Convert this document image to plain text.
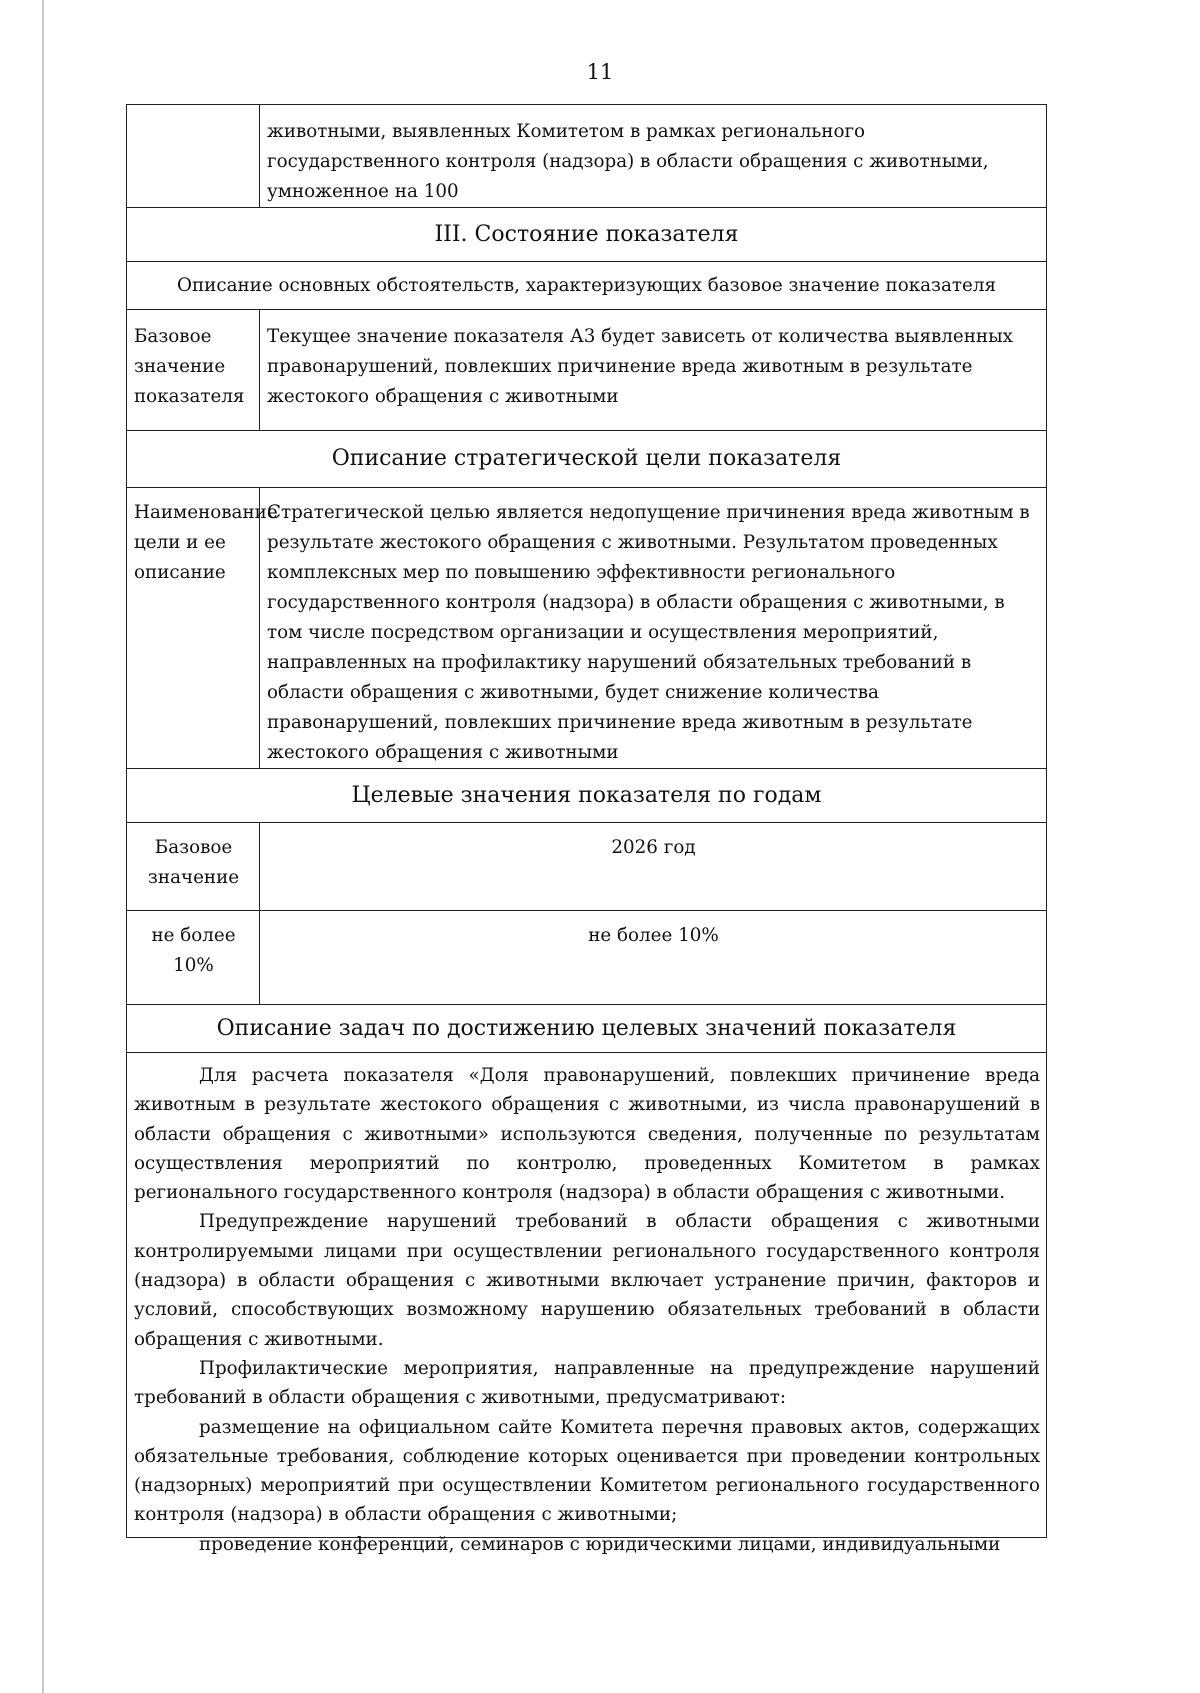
11
	животными, выявленных Комитетом в рамках регионального государственного контроля (надзора) в области обращения с животными, умноженное на 100
III. Состояние показателя	
Описание основных обстоятельств, характеризующих базовое значение показателя	
Базовое значение показателя	Текущее значение показателя А3 будет зависеть от количества выявленных правонарушений, повлекших причинение вреда животным в результате жестокого обращения с животными
Описание стратегической цели показателя	
Наименование цели и ее описание	Стратегической целью является недопущение причинения вреда животным в результате жестокого обращения с животными. Результатом проведенных комплексных мер по повышению эффективности регионального государственного контроля (надзора) в области обращения с животными, в том числе посредством организации и осуществления мероприятий, направленных на профилактику нарушений обязательных требований в области обращения с животными, будет снижение количества правонарушений, повлекших причинение вреда животным в результате жестокого обращения с животными
Целевые значения показателя по годам	
Базовое значение	2026 год
не более 10%	не более 10%
Описание задач по достижению целевых значений показателя	

Для расчета показателя «Доля правонарушений, повлекших причинение вреда животным в результате жестокого обращения с животными, из числа правонарушений в области обращения с животными» используются сведения, полученные по результатам осуществления мероприятий по контролю, проведенных Комитетом в рамках регионального государственного контроля (надзора) в области обращения с животными.

Предупреждение нарушений требований в области обращения с животными контролируемыми лицами при осуществлении регионального государственного контроля (надзора) в области обращения с животными включает устранение причин, факторов и условий, способствующих возможному нарушению обязательных требований в области обращения с животными.

Профилактические мероприятия, направленные на предупреждение нарушений требований в области обращения с животными, предусматривают:

размещение на официальном сайте Комитета перечня правовых актов, содержащих обязательные требования, соблюдение которых оценивается при проведении контрольных (надзорных) мероприятий при осуществлении Комитетом регионального государственного контроля (надзора) в области обращения с животными;

проведение конференций, семинаров с юридическими лицами, индивидуальными	
